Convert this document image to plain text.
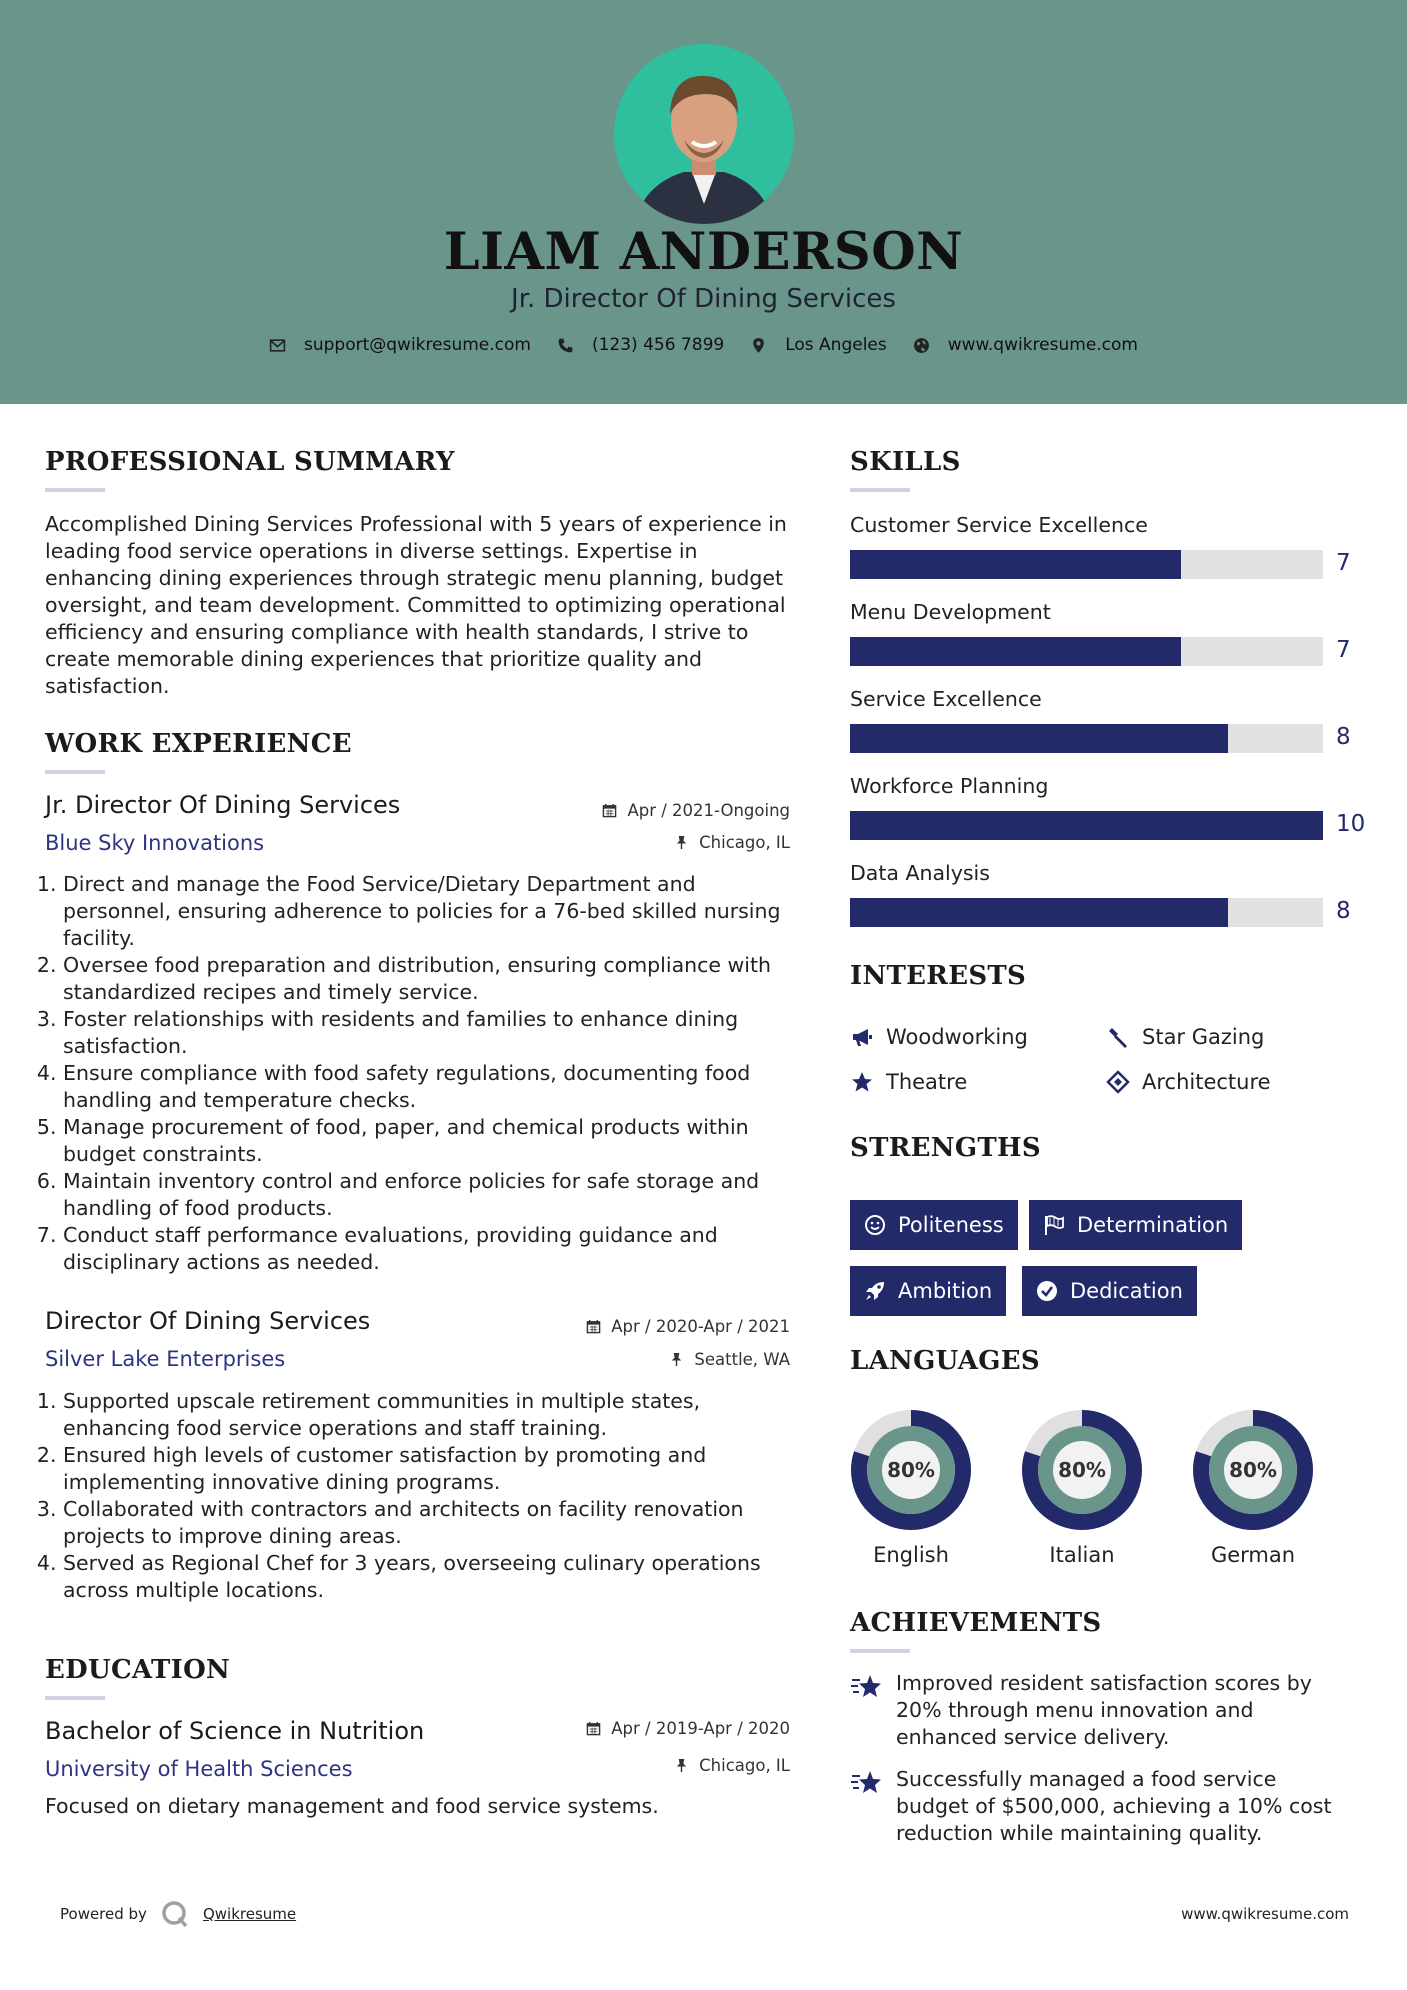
LIAM ANDERSON
Jr. Director Of Dining Services
support@qwikresume.com	(123) 456 7899	Los Angeles	www.qwikresume.com
PROFESSIONAL SUMMARY
Accomplished Dining Services Professional with 5 years of experience in leading food service operations in diverse settings. Expertise in enhancing dining experiences through strategic menu planning, budget oversight, and team development. Committed to optimizing operational efficiency and ensuring compliance with health standards, I strive to create memorable dining experiences that prioritize quality and satisfaction.
WORK EXPERIENCE
Jr. Director Of Dining Services	Apr / 2021-Ongoing
Blue Sky Innovations	Chicago, IL
1. Direct and manage the Food Service/Dietary Department and personnel, ensuring adherence to policies for a 76-bed skilled nursing facility.
2. Oversee food preparation and distribution, ensuring compliance with standardized recipes and timely service.
3. Foster relationships with residents and families to enhance dining satisfaction.
4. Ensure compliance with food safety regulations, documenting food handling and temperature checks.
5. Manage procurement of food, paper, and chemical products within budget constraints.
6. Maintain inventory control and enforce policies for safe storage and handling of food products.
7. Conduct staff performance evaluations, providing guidance and disciplinary actions as needed.
Director Of Dining Services	Apr / 2020-Apr / 2021
Silver Lake Enterprises	Seattle, WA
1. Supported upscale retirement communities in multiple states, enhancing food service operations and staff training.
2. Ensured high levels of customer satisfaction by promoting and implementing innovative dining programs.
3. Collaborated with contractors and architects on facility renovation projects to improve dining areas.
4. Served as Regional Chef for 3 years, overseeing culinary operations across multiple locations.
EDUCATION
Bachelor of Science in Nutrition	Apr / 2019-Apr / 2020
University of Health Sciences	Chicago, IL
Focused on dietary management and food service systems.
SKILLS
Customer Service Excellence
7
Menu Development
7
Service Excellence
8
Workforce Planning
10
Data Analysis
8
INTERESTS
Woodworking	Star Gazing
Theatre	Architecture
STRENGTHS
Politeness	Determination
Ambition	Dedication
LANGUAGES
80%
English
80%
Italian
80%
German
ACHIEVEMENTS
Improved resident satisfaction scores by 20% through menu innovation and enhanced service delivery.
Successfully managed a food service budget of $500,000, achieving a 10% cost reduction while maintaining quality.
Powered by	Qwikresume	www.qwikresume.com
